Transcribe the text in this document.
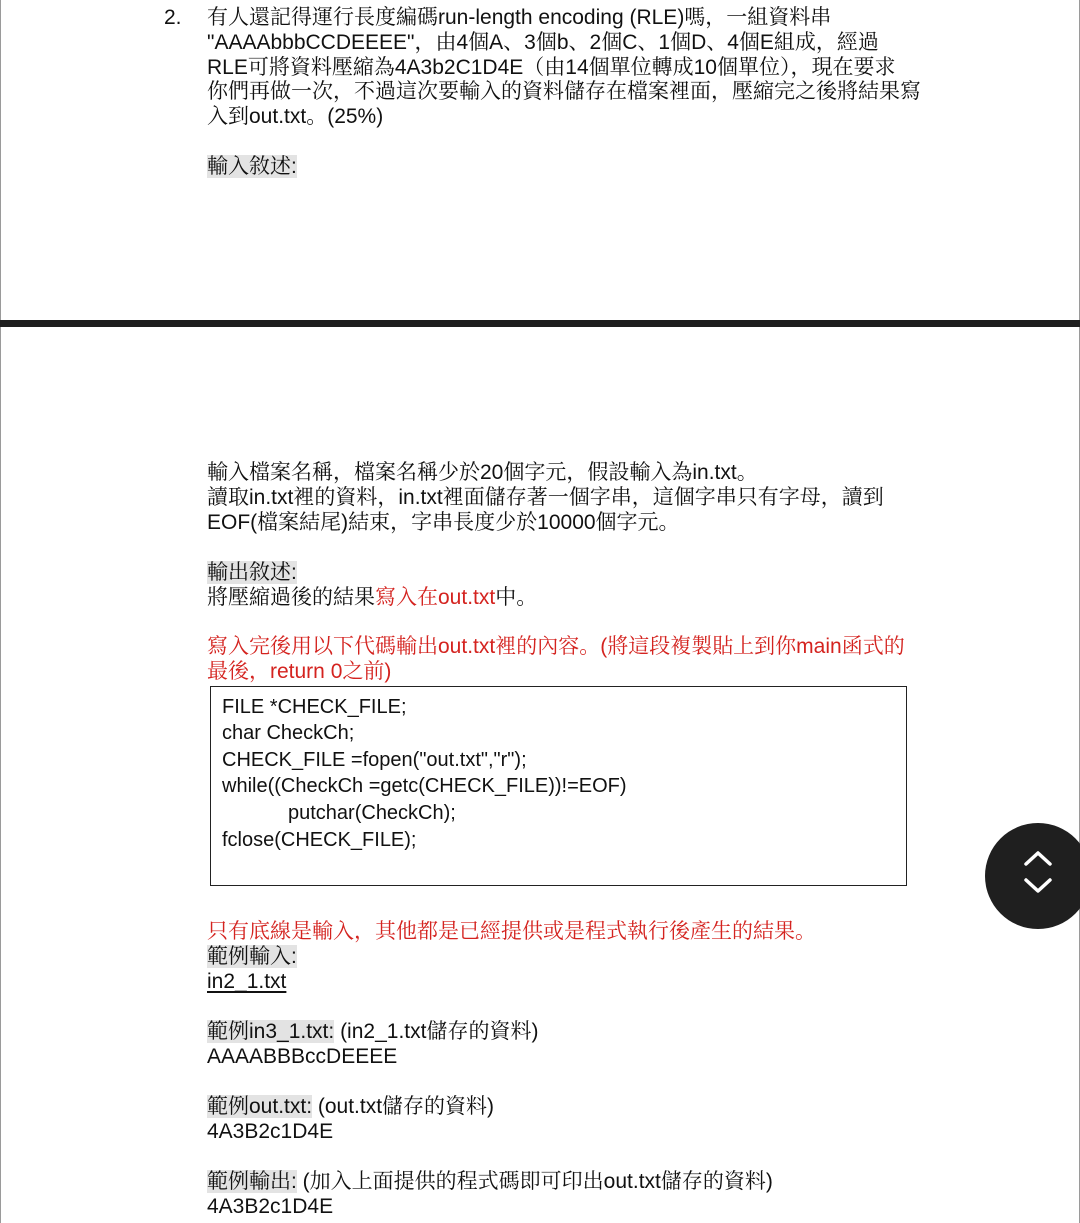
2. 有人還記得運行長度編碼run-length encoding (RLE)嗎，一組資料串

"AAAAbbbCCDEEEE"，由4個A、3個b、2個C、1個D、4個E組成，經過

RLE可將資料壓縮為4A3b2C1D4E（由14個單位轉成10個單位），現在要求

你們再做一次，不過這次要輸入的資料儲存在檔案裡面，壓縮完之後將結果寫

入到out.txt。(25%)

輸入敘述:

輸入檔案名稱，檔案名稱少於20個字元，假設輸入為in.txt。

讀取in.txt裡的資料，in.txt裡面儲存著一個字串，這個字串只有字母，讀到

EOF(檔案結尾)結束，字串長度少於10000個字元。

輸出敘述:

將壓縮過後的結果寫入在out.txt中。

寫入完後用以下代碼輸出out.txt裡的內容。(將這段複製貼上到你main函式的

最後，return 0之前)

FILE *CHECK_FILE;

char CheckCh;

CHECK_FILE =fopen("out.txt","r");

while((CheckCh =getc(CHECK_FILE))!=EOF)

putchar(CheckCh);

fclose(CHECK_FILE);

只有底線是輸入，其他都是已經提供或是程式執行後產生的結果。

範例輸入:

in2_1.txt

範例in3_1.txt: (in2_1.txt儲存的資料)

AAAABBBccDEEEE

範例out.txt: (out.txt儲存的資料)

4A3B2c1D4E

範例輸出: (加入上面提供的程式碼即可印出out.txt儲存的資料)

4A3B2c1D4E
